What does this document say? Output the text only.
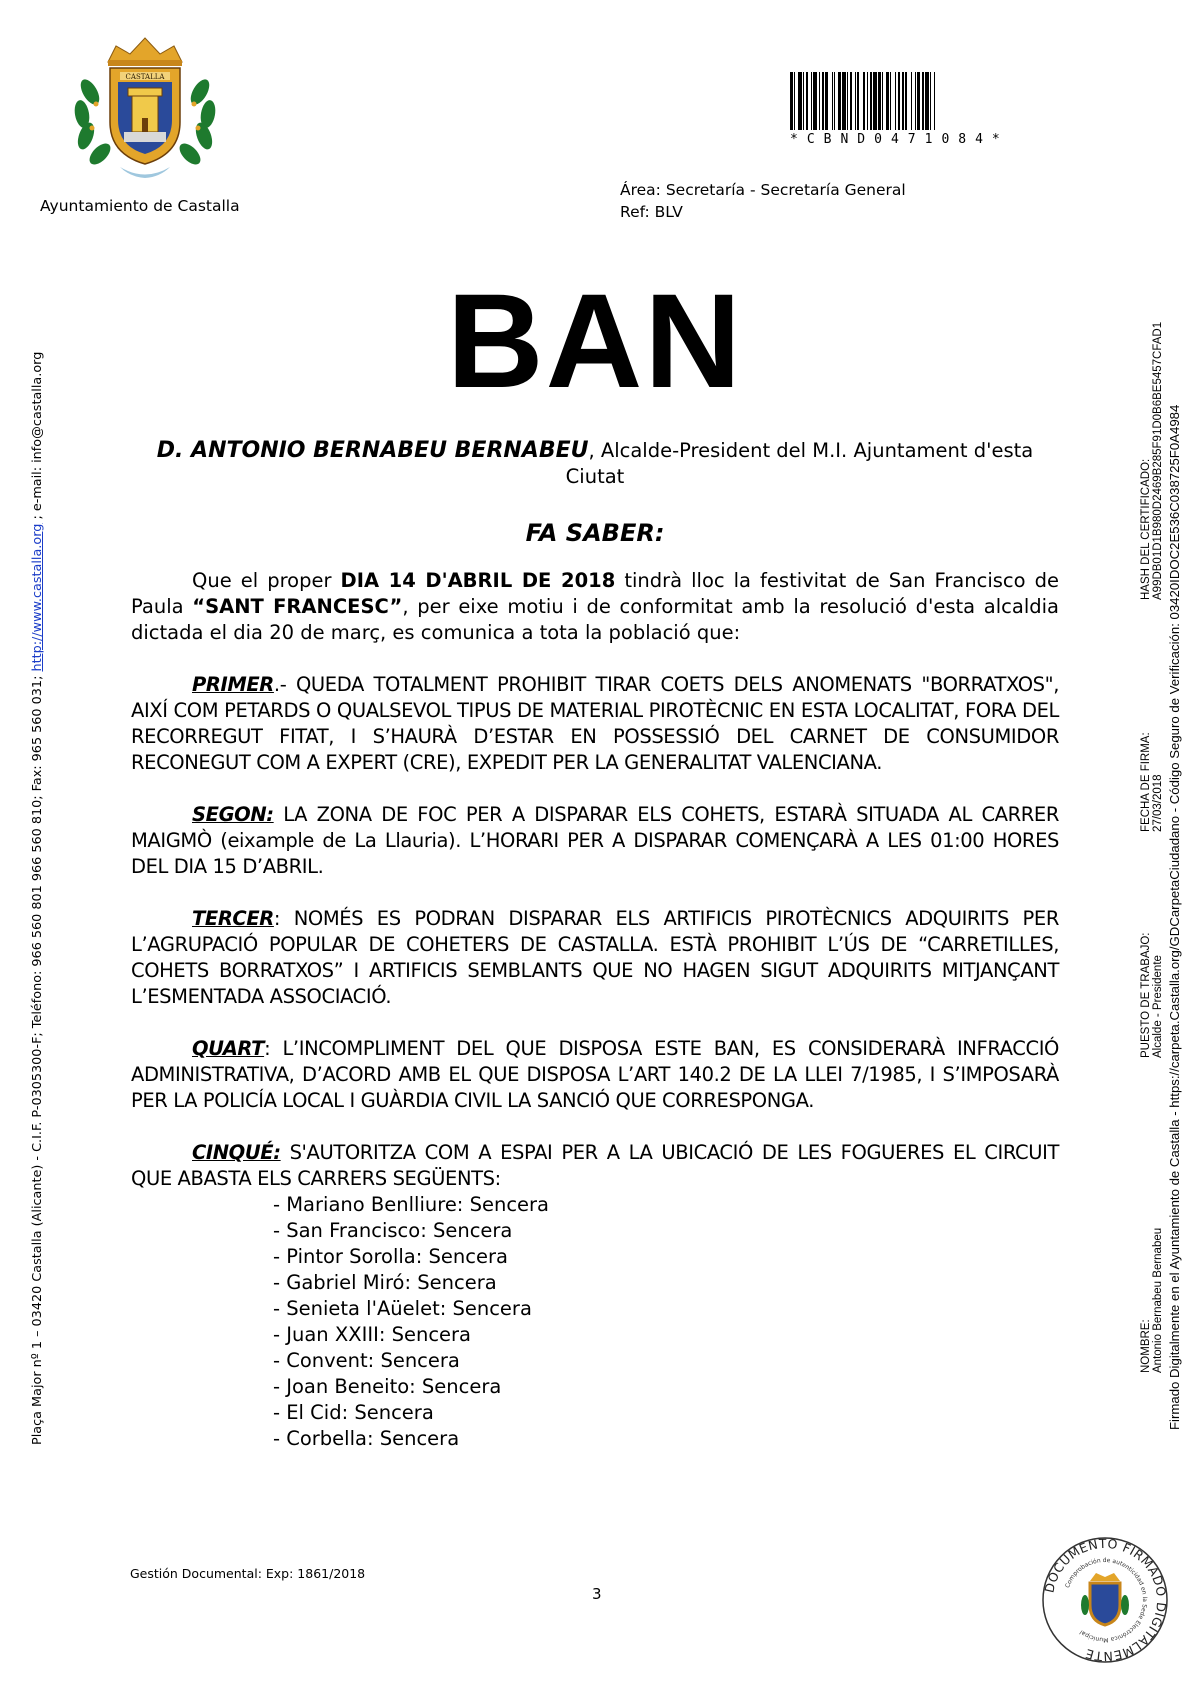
CASTALLA
Ayuntamiento de Castalla
*CBND0471084*
Área: Secretaría - Secretaría General
Ref: BLV
BAN
D. ANTONIO BERNABEU BERNABEU, Alcalde-President del M.I. Ajuntament d'esta Ciutat
FA SABER:

Que el proper DIA 14 D'ABRIL DE 2018 tindrà lloc la festivitat de San Francisco de Paula “SANT FRANCESC”, per eixe motiu i de conformitat amb la resolució d'esta alcaldia dictada el dia 20 de març, es comunica a tota la població que:

PRIMER.- QUEDA TOTALMENT PROHIBIT TIRAR COETS DELS ANOMENATS "BORRATXOS", AIXÍ COM PETARDS O QUALSEVOL TIPUS DE MATERIAL PIROTÈCNIC EN ESTA LOCALITAT, FORA DEL RECORREGUT FITAT, I S’HAURÀ D’ESTAR EN POSSESSIÓ DEL CARNET DE CONSUMIDOR RECONEGUT COM A EXPERT (CRE), EXPEDIT PER LA GENERALITAT VALENCIANA.

SEGON: LA ZONA DE FOC PER A DISPARAR ELS COHETS, ESTARÀ SITUADA AL CARRER MAIGMÒ (eixample de La Llauria). L’HORARI PER A DISPARAR COMENÇARÀ A LES 01:00 HORES DEL DIA 15 D’ABRIL.

TERCER: NOMÉS ES PODRAN DISPARAR ELS ARTIFICIS PIROTÈCNICS ADQUIRITS PER L’AGRUPACIÓ POPULAR DE COHETERS DE CASTALLA. ESTÀ PROHIBIT L’ÚS DE “CARRETILLES, COHETS BORRATXOS” I ARTIFICIS SEMBLANTS QUE NO HAGEN SIGUT ADQUIRITS MITJANÇANT L’ESMENTADA ASSOCIACIÓ.

QUART: L’INCOMPLIMENT DEL QUE DISPOSA ESTE BAN, ES CONSIDERARÀ INFRACCIÓ ADMINISTRATIVA, D’ACORD AMB EL QUE DISPOSA L’ART 140.2 DE LA LLEI 7/1985, I S’IMPOSARÀ PER LA POLICÍA LOCAL I GUÀRDIA CIVIL LA SANCIÓ QUE CORRESPONGA.

CINQUÉ: S'AUTORITZA COM A ESPAI PER A LA UBICACIÓ DE LES FOGUERES EL CIRCUIT QUE ABASTA ELS CARRERS SEGÜENTS:

- Mariano Benlliure: Sencera
- San Francisco: Sencera
- Pintor Sorolla: Sencera
- Gabriel Miró: Sencera
- Senieta l'Aüelet: Sencera
- Juan XXIII: Sencera
- Convent: Sencera
- Joan Beneito: Sencera
- El Cid: Sencera
- Corbella: Sencera
Gestión Documental: Exp: 1861/2018
3
Plaça Major nº 1 – 03420 Castalla (Alicante) - C.I.F. P-0305300-F; Teléfono: 966 560 801 966 560 810; Fax: 965 560 031; http://www.castalla.org ; e-mail: info@castalla.org
NOMBRE: Antonio Bernabeu Bernabeu
PUESTO DE TRABAJO: Alcalde - Presidente
FECHA DE FIRMA: 27/03/2018
HASH DEL CERTIFICADO: A99DB01D1B980D2469B285F91D0B6BE5457CFAD1 Firmado Digitalmente en el Ayuntamiento de Castalla - https://carpeta.Castalla.org/GDCarpetaCiudadano - Código Seguro de Verificación: 03420IDOC2E536C038725F0A4984
DOCUMENTO FIRMADO DIGITALMENTE
Comprobación de autenticidad en la Sede Electrónica Municipal
